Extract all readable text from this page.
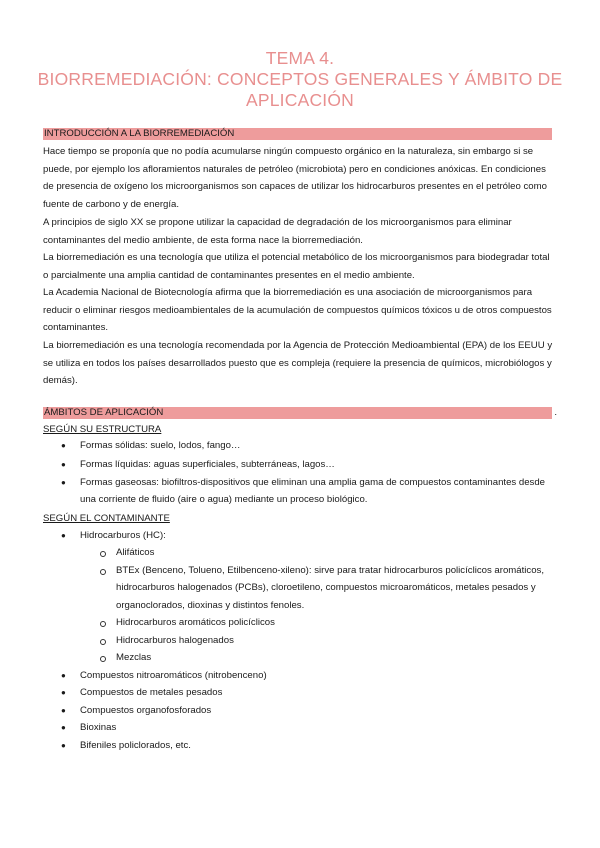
TEMA 4.
BIORREMEDIACIÓN: CONCEPTOS GENERALES Y ÁMBITO DE
APLICACIÓN
INTRODUCCIÓN A LA BIORREMEDIACIÓN

Hace tiempo se proponía que no podía acumularse ningún compuesto orgánico en la naturaleza, sin embargo si se puede, por ejemplo los afloramientos naturales de petróleo (microbiota) pero en condiciones anóxicas. En condiciones de presencia de oxígeno los microorganismos son capaces de utilizar los hidrocarburos presentes en el petróleo como fuente de carbono y de energía.

A principios de siglo XX se propone utilizar la capacidad de degradación de los microorganismos para eliminar contaminantes del medio ambiente, de esta forma nace la biorremediación.

La biorremediación es una tecnología que utiliza el potencial metabólico de los microorganismos para biodegradar total o parcialmente una amplia cantidad de contaminantes presentes en el medio ambiente.

La Academia Nacional de Biotecnología afirma que la biorremediación es una asociación de microorganismos para reducir o eliminar riesgos medioambientales de la acumulación de compuestos químicos tóxicos u de otros compuestos contaminantes.

La biorremediación es una tecnología recomendada por la Agencia de Protección Medioambiental (EPA) de los EEUU y se utiliza en todos los países desarrollados puesto que es compleja (requiere la presencia de químicos, microbiólogos y demás).

ÁMBITOS DE APLICACIÓN	.
SEGÚN SU ESTRUCTURA
● Formas sólidas: suelo, lodos, fango…
● Formas líquidas: aguas superficiales, subterráneas, lagos…
● Formas gaseosas: biofiltros-dispositivos que eliminan una amplia gama de compuestos contaminantes desde una corriente de fluido (aire o agua) mediante un proceso biológico.
SEGÚN EL CONTAMINANTE
● Hidrocarburos (HC):
Alifáticos
BTEx (Benceno, Tolueno, Etilbenceno-xileno): sirve para tratar hidrocarburos policíclicos aromáticos, hidrocarburos halogenados (PCBs), cloroetileno, compuestos microaromáticos, metales pesados y organoclorados, dioxinas y distintos fenoles.
Hidrocarburos aromáticos policíclicos
Hidrocarburos halogenados
Mezclas
● Compuestos nitroaromáticos (nitrobenceno)
● Compuestos de metales pesados
● Compuestos organofosforados
● Bioxinas
● Bifeniles policlorados, etc.
